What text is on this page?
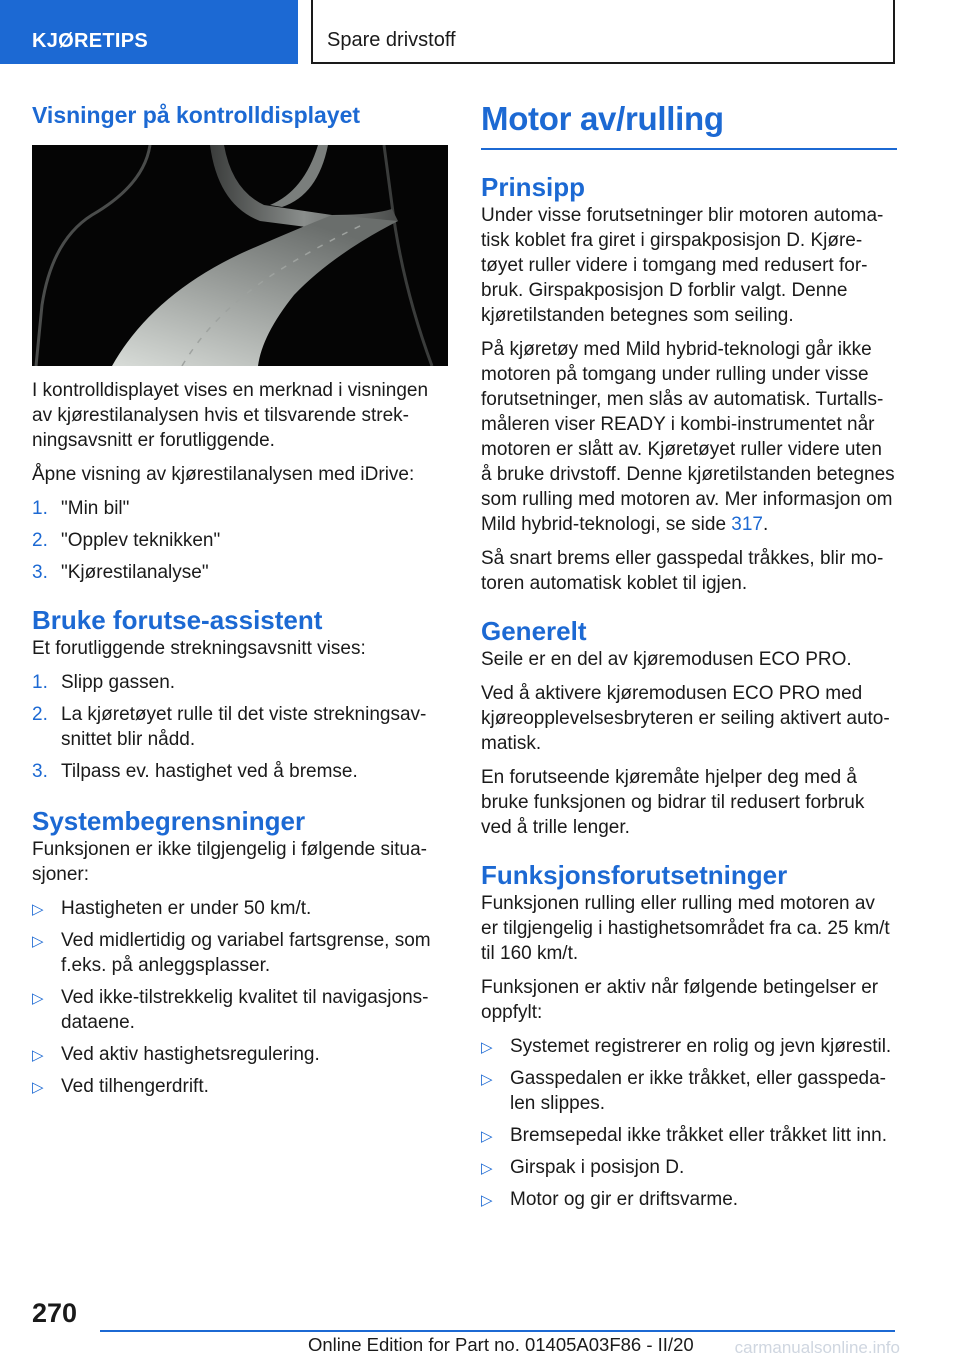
KJØRETIPS	Spare drivstoff
Visninger på kontrolldisplayet

I kontrolldisplayet vises en merknad i visningen av kjørestilanalysen hvis et tilsvarende strekningsavsnitt er forutliggende.

Åpne visning av kjørestilanalysen med iDrive:

1. "Min bil"
2. "Opplev teknikken"
3. "Kjørestilanalyse"
Bruke forutse-assistent

Et forutliggende strekningsavsnitt vises:

1. Slipp gassen.
2. La kjøretøyet rulle til det viste strekningsavsnittet blir nådd.
3. Tilpass ev. hastighet ved å bremse.
Systembegrensninger

Funksjonen er ikke tilgjengelig i følgende situasjoner:

▷ Hastigheten er under 50 km/t.
▷ Ved midlertidig og variabel fartsgrense, som f.eks. på anleggsplasser.
▷ Ved ikke-tilstrekkelig kvalitet til navigasjonsdataene.
▷ Ved aktiv hastighetsregulering.
▷ Ved tilhengerdrift.
Motor av/rulling
Prinsipp

Under visse forutsetninger blir motoren automatisk koblet fra giret i girspakposisjon D. Kjøretøyet ruller videre i tomgang med redusert forbruk. Girspakposisjon D forblir valgt. Denne kjøretilstanden betegnes som seiling.

På kjøretøy med Mild hybrid-teknologi går ikke motoren på tomgang under rulling under visse forutsetninger, men slås av automatisk. Turtallsmåleren viser READY i kombi-instrumentet når motoren er slått av. Kjøretøyet ruller videre uten å bruke drivstoff. Denne kjøretilstanden betegnes som rulling med motoren av. Mer informasjon om Mild hybrid-teknologi, se side 317.

Så snart brems eller gasspedal tråkkes, blir motoren automatisk koblet til igjen.

Generelt

Seile er en del av kjøremodusen ECO PRO.

Ved å aktivere kjøremodusen ECO PRO med kjøreopplevelsesbryteren er seiling aktivert automatisk.

En forutseende kjøremåte hjelper deg med å bruke funksjonen og bidrar til redusert forbruk ved å trille lenger.

Funksjonsforutsetninger

Funksjonen rulling eller rulling med motoren av er tilgjengelig i hastighetsområdet fra ca. 25 km/t til 160 km/t.

Funksjonen er aktiv når følgende betingelser er oppfylt:

▷ Systemet registrerer en rolig og jevn kjørestil.
▷ Gasspedalen er ikke tråkket, eller gasspedalen slippes.
▷ Bremsepedal ikke tråkket eller tråkket litt inn.
▷ Girspak i posisjon D.
▷ Motor og gir er driftsvarme.
270
Online Edition for Part no. 01405A03F86 - II/20 carmanualsonline.info
